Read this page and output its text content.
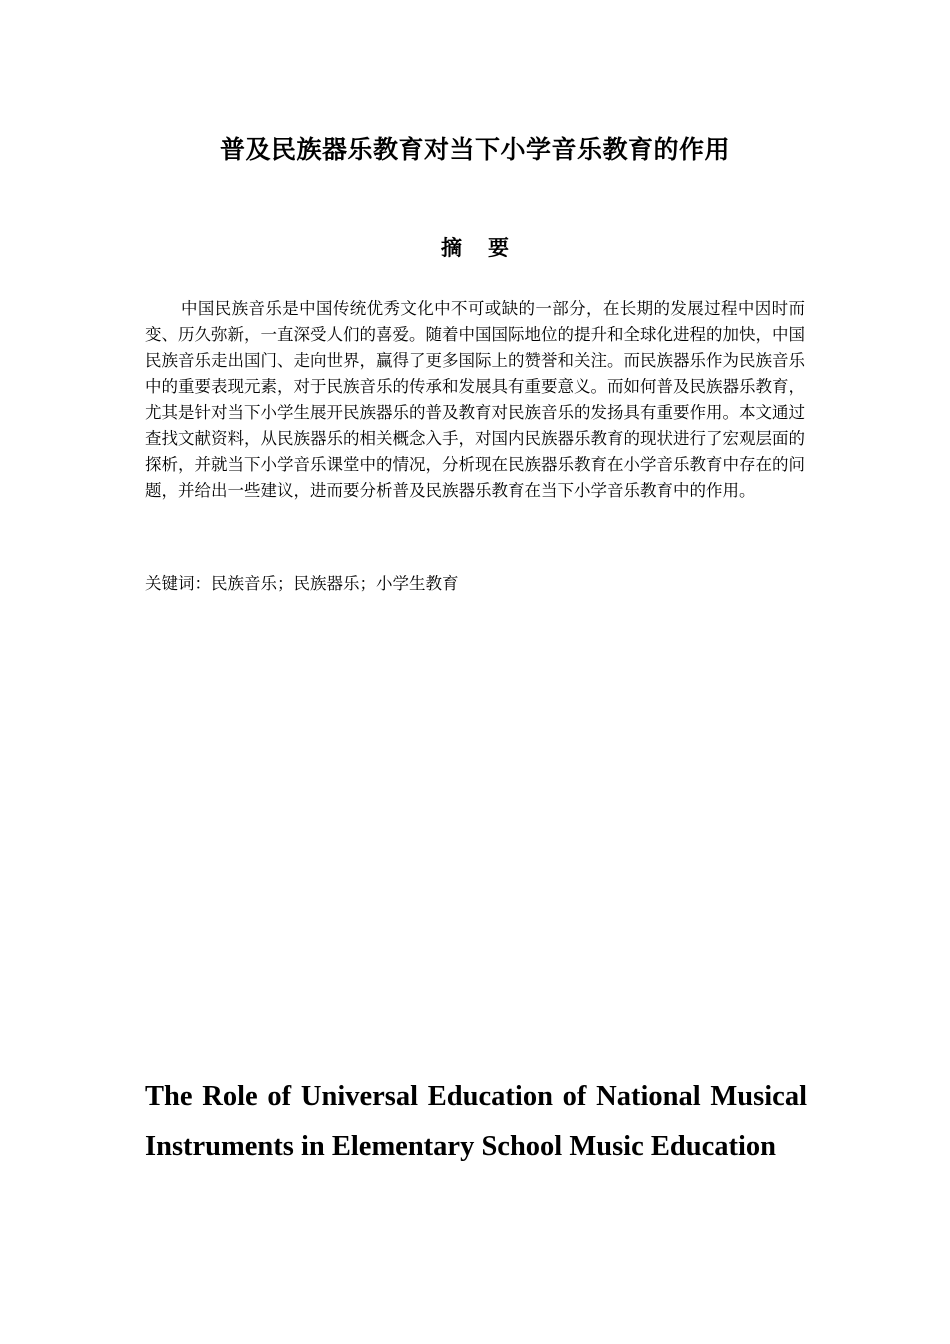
普及民族器乐教育对当下小学音乐教育的作用
摘要

中国民族音乐是中国传统优秀文化中不可或缺的一部分，在长期的发展过程中因时而变、历久弥新，一直深受人们的喜爱。随着中国国际地位的提升和全球化进程的加快，中国民族音乐走出国门、走向世界，赢得了更多国际上的赞誉和关注。而民族器乐作为民族音乐中的重要表现元素，对于民族音乐的传承和发展具有重要意义。而如何普及民族器乐教育，尤其是针对当下小学生展开民族器乐的普及教育对民族音乐的发扬具有重要作用。本文通过查找文献资料，从民族器乐的相关概念入手，对国内民族器乐教育的现状进行了宏观层面的探析，并就当下小学音乐课堂中的情况，分析现在民族器乐教育在小学音乐教育中存在的问题，并给出一些建议，进而要分析普及民族器乐教育在当下小学音乐教育中的作用。

关键词：民族音乐；民族器乐；小学生教育

The Role of Universal Education of National Musical Instruments in Elementary School Music Education
